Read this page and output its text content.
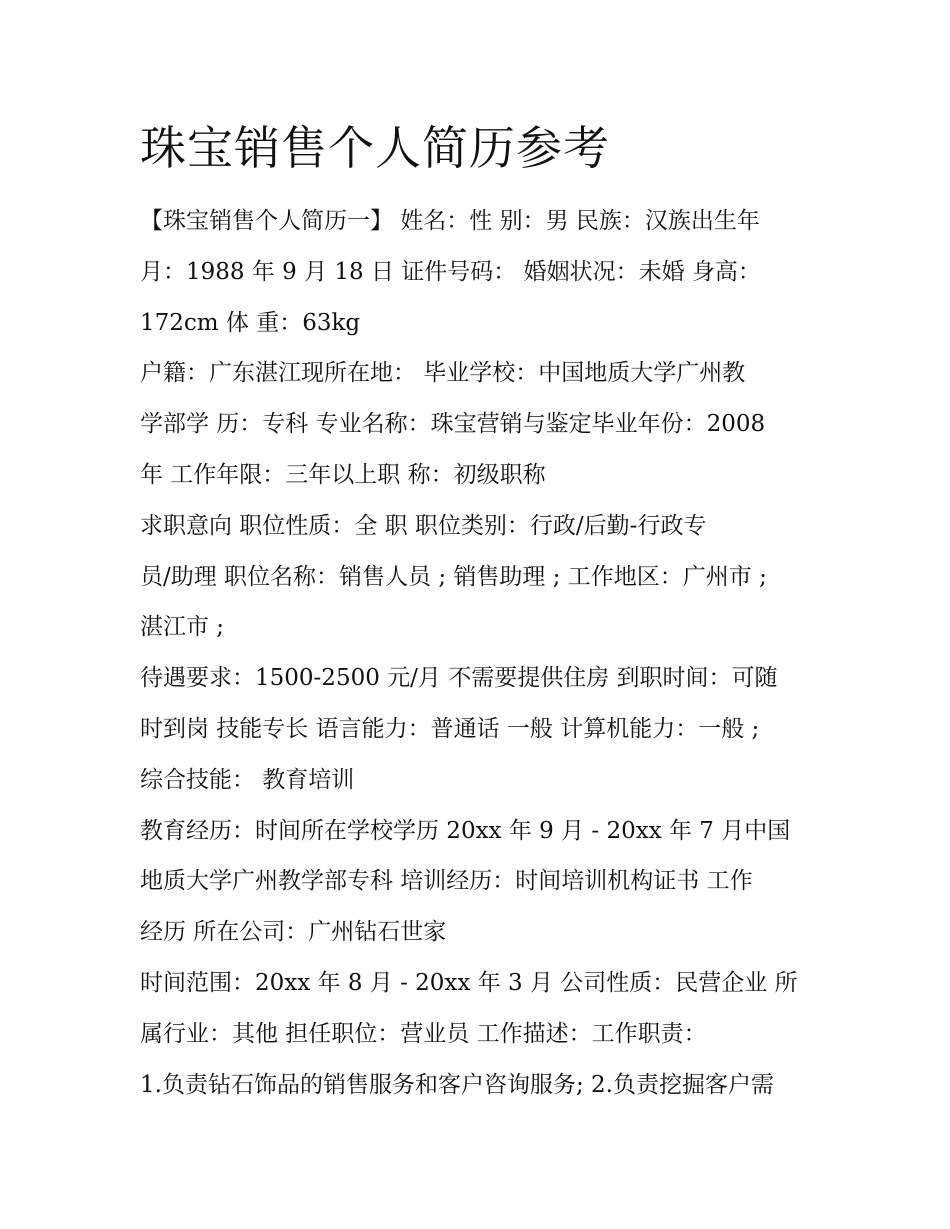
珠宝销售个人简历参考
【珠宝销售个人简历一】 姓名：性 别：男 民族：汉族出生年
月：1988 年 9 月 18 日 证件号码： 婚姻状况：未婚 身高：
172cm 体 重：63kg
户籍：广东湛江现所在地： 毕业学校：中国地质大学广州教
学部学 历：专科 专业名称：珠宝营销与鉴定毕业年份：2008
年 工作年限：三年以上职 称：初级职称
求职意向 职位性质：全 职 职位类别：行政/后勤-行政专
员/助理 职位名称：销售人员 ; 销售助理 ; 工作地区：广州市 ;
湛江市 ;
待遇要求：1500-2500 元/月 不需要提供住房 到职时间：可随
时到岗 技能专长 语言能力：普通话 一般 计算机能力：一般 ;
综合技能： 教育培训
教育经历：时间所在学校学历 20xx 年 9 月 - 20xx 年 7 月中国
地质大学广州教学部专科 培训经历：时间培训机构证书 工作
经历 所在公司：广州钻石世家
时间范围：20xx 年 8 月 - 20xx 年 3 月 公司性质：民营企业 所
属行业：其他 担任职位：营业员 工作描述：工作职责：
1.负责钻石饰品的销售服务和客户咨询服务; 2.负责挖掘客户需
